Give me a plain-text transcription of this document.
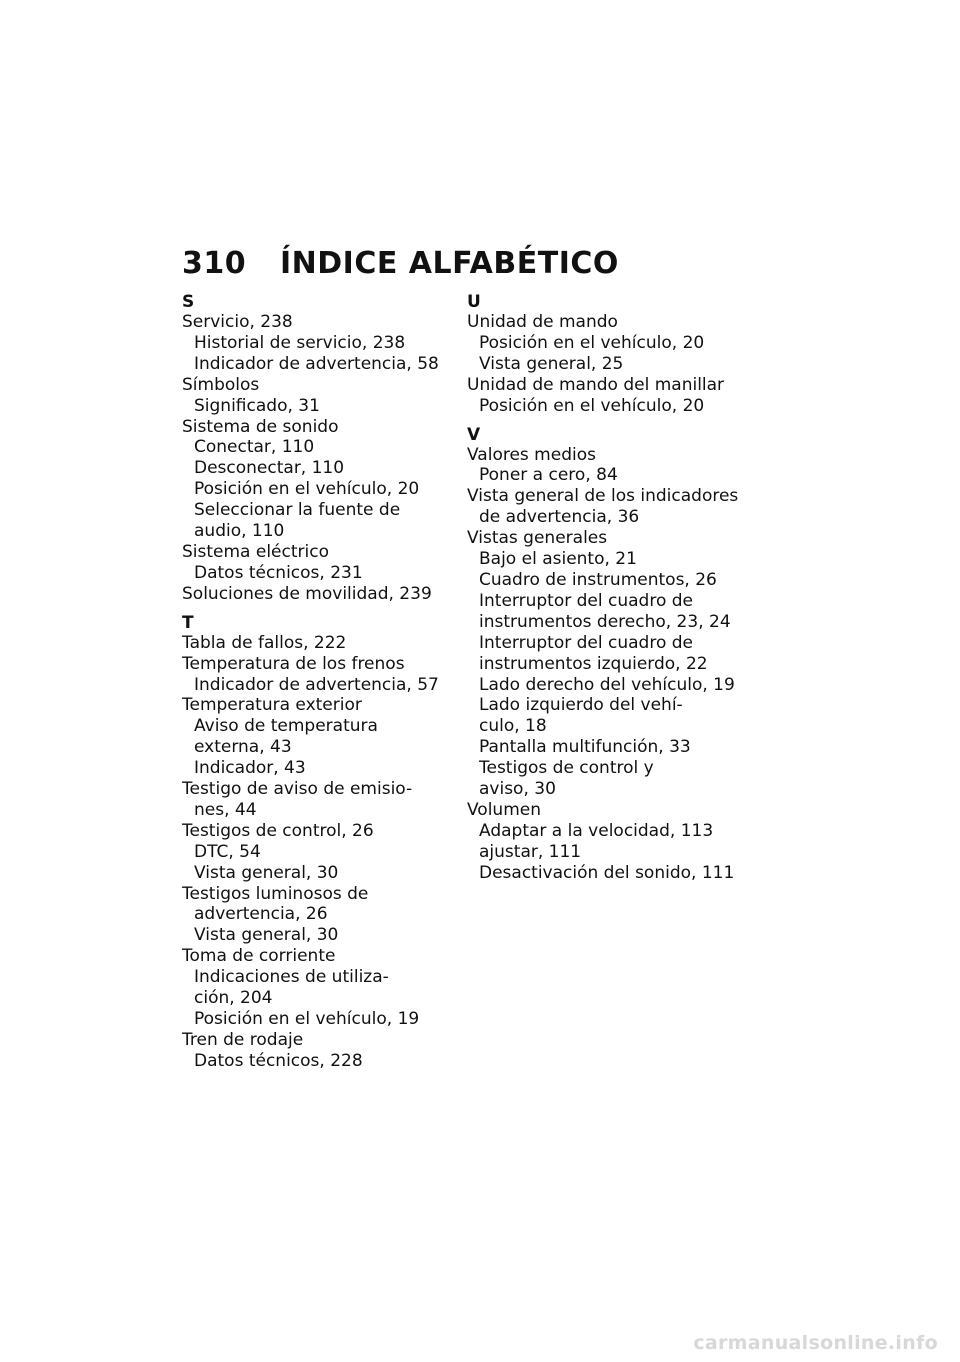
310 ÍNDICE ALFABÉTICO
S
Servicio, 238
Historial de servicio, 238
Indicador de advertencia, 58
Símbolos
Significado, 31
Sistema de sonido
Conectar, 110
Desconectar, 110
Posición en el vehículo, 20
Seleccionar la fuente de
audio, 110
Sistema eléctrico
Datos técnicos, 231
Soluciones de movilidad, 239
T
Tabla de fallos, 222
Temperatura de los frenos
Indicador de advertencia, 57
Temperatura exterior
Aviso de temperatura
externa, 43
Indicador, 43
Testigo de aviso de emisio-
nes, 44
Testigos de control, 26
DTC, 54
Vista general, 30
Testigos luminosos de
advertencia, 26
Vista general, 30
Toma de corriente
Indicaciones de utiliza-
ción, 204
Posición en el vehículo, 19
Tren de rodaje
Datos técnicos, 228
U
Unidad de mando
Posición en el vehículo, 20
Vista general, 25
Unidad de mando del manillar
Posición en el vehículo, 20
V
Valores medios
Poner a cero, 84
Vista general de los indicadores
de advertencia, 36
Vistas generales
Bajo el asiento, 21
Cuadro de instrumentos, 26
Interruptor del cuadro de
instrumentos derecho, 23, 24
Interruptor del cuadro de
instrumentos izquierdo, 22
Lado derecho del vehículo, 19
Lado izquierdo del vehí-
culo, 18
Pantalla multifunción, 33
Testigos de control y
aviso, 30
Volumen
Adaptar a la velocidad, 113
ajustar, 111
Desactivación del sonido, 111
carmanualsonline.info
